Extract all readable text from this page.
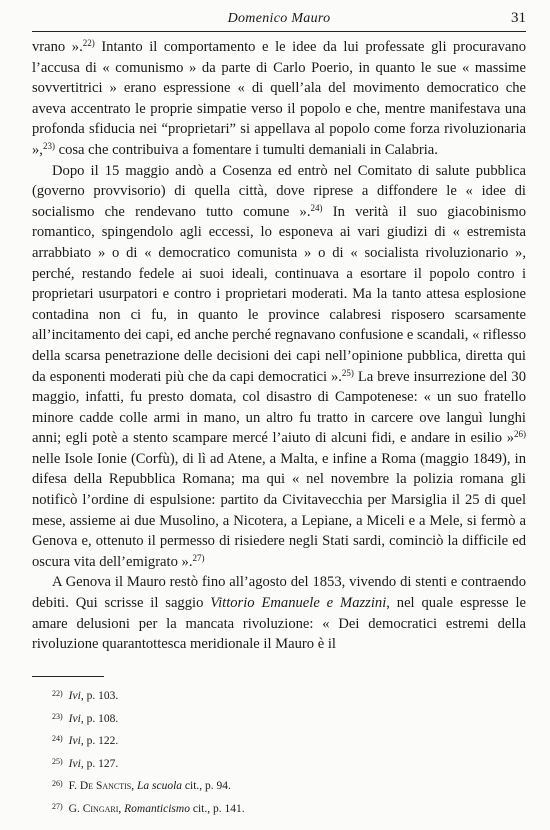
Domenico Mauro	31

vrano ».$^{22)}$ Intanto il comportamento e le idee da lui professate gli procuravano l’accusa di « comunismo » da parte di Carlo Poerio, in quanto le sue « massime sovvertitrici » erano espressione « di quell’ala del movimento democratico che aveva accentrato le proprie simpatie verso il popolo e che, mentre manifestava una profonda sfiducia nei “proprietari” si appellava al popolo come forza rivoluzionaria »,$^{23)}$ cosa che contribuiva a fomentare i tumulti demaniali in Calabria.

Dopo il 15 maggio andò a Cosenza ed entrò nel Comitato di salute pubblica (governo provvisorio) di quella città, dove riprese a diffondere le « idee di socialismo che rendevano tutto comune ».$^{24)}$ In verità il suo giacobinismo romantico, spingendolo agli eccessi, lo esponeva ai vari giudizi di « estremista arrabbiato » o di « democratico comunista » o di « socialista rivoluzionario », perché, restando fedele ai suoi ideali, continuava a esortare il popolo contro i proprietari usurpatori e contro i proprietari moderati. Ma la tanto attesa esplosione contadina non ci fu, in quanto le province calabresi risposero scarsamente all’incitamento dei capi, ed anche perché regnavano confusione e scandali, « riflesso della scarsa penetrazione delle decisioni dei capi nell’opinione pubblica, diretta qui da esponenti moderati più che da capi democratici ».$^{25)}$ La breve insurrezione del 30 maggio, infatti, fu presto domata, col disastro di Campotenese: « un suo fratello minore cadde colle armi in mano, un altro fu tratto in carcere ove languì lunghi anni; egli potè a stento scampare mercé l’aiuto di alcuni fidi, e andare in esilio »$^{26)}$ nelle Isole Ionie (Corfù), di lì ad Atene, a Malta, e infine a Roma (maggio 1849), in difesa della Repubblica Romana; ma qui « nel novembre la polizia romana gli notificò l’ordine di espulsione: partito da Civitavecchia per Marsiglia il 25 di quel mese, assieme ai due Musolino, a Nicotera, a Lepiane, a Miceli e a Mele, si fermò a Genova e, ottenuto il permesso di risiedere negli Stati sardi, cominciò la difficile ed oscura vita dell’emigrato ».$^{27)}$

A Genova il Mauro restò fino all’agosto del 1853, vivendo di stenti e contraendo debiti. Qui scrisse il saggio Vittorio Emanuele e Mazzini, nel quale espresse le amare delusioni per la mancata rivoluzione: « Dei democratici estremi della rivoluzione quarantottesca meridionale il Mauro è il

$^{22)}$ Ivi, p. 103.
$^{23)}$ Ivi, p. 108.
$^{24)}$ Ivi, p. 122.
$^{25)}$ Ivi, p. 127.
$^{26)}$ F. De Sanctis, La scuola cit., p. 94.
$^{27)}$ G. Cingari, Romanticismo cit., p. 141.
